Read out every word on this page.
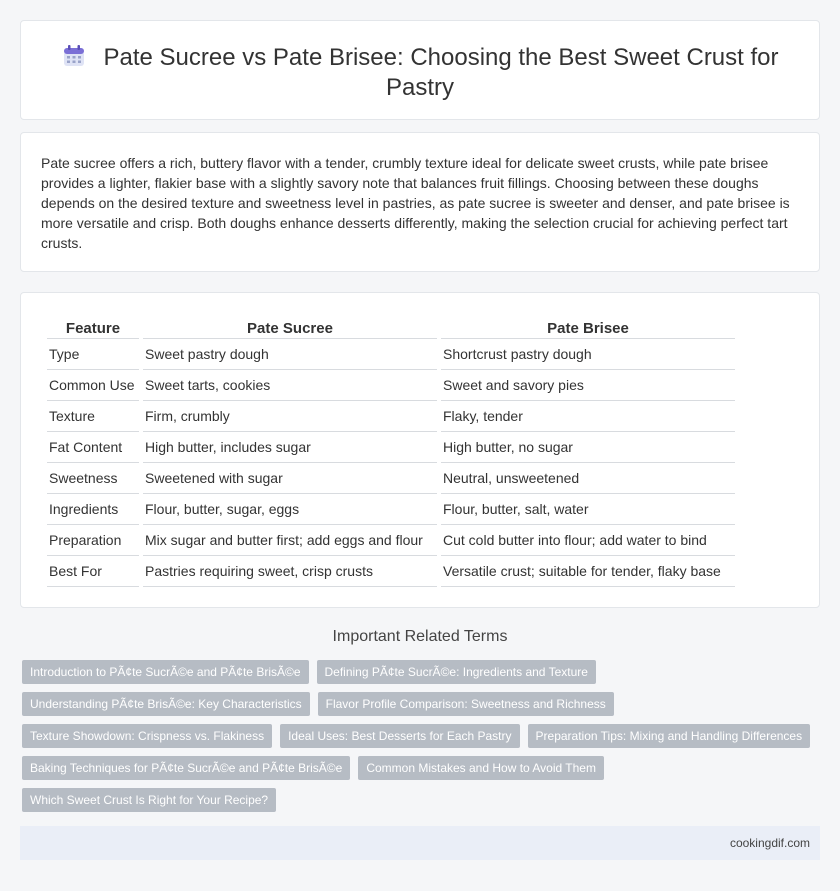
Pate Sucree vs Pate Brisee: Choosing the Best Sweet Crust for Pastry

Pate sucree offers a rich, buttery flavor with a tender, crumbly texture ideal for delicate sweet crusts, while pate brisee provides a lighter, flakier base with a slightly savory note that balances fruit fillings. Choosing between these doughs depends on the desired texture and sweetness level in pastries, as pate sucree is sweeter and denser, and pate brisee is more versatile and crisp. Both doughs enhance desserts differently, making the selection crucial for achieving perfect tart crusts.

Feature	Pate Sucree	Pate Brisee
Type	Sweet pastry dough	Shortcrust pastry dough
Common Use	Sweet tarts, cookies	Sweet and savory pies
Texture	Firm, crumbly	Flaky, tender
Fat Content	High butter, includes sugar	High butter, no sugar
Sweetness	Sweetened with sugar	Neutral, unsweetened
Ingredients	Flour, butter, sugar, eggs	Flour, butter, salt, water
Preparation	Mix sugar and butter first; add eggs and flour	Cut cold butter into flour; add water to bind
Best For	Pastries requiring sweet, crisp crusts	Versatile crust; suitable for tender, flaky base
Important Related Terms
Introduction to PÃ¢te SucrÃ©e and PÃ¢te BrisÃ©e	Defining PÃ¢te SucrÃ©e: Ingredients and Texture
Understanding PÃ¢te BrisÃ©e: Key Characteristics	Flavor Profile Comparison: Sweetness and Richness
Texture Showdown: Crispness vs. Flakiness	Ideal Uses: Best Desserts for Each Pastry	Preparation Tips: Mixing and Handling Differences
Baking Techniques for PÃ¢te SucrÃ©e and PÃ¢te BrisÃ©e	Common Mistakes and How to Avoid Them
Which Sweet Crust Is Right for Your Recipe?
cookingdif.com
